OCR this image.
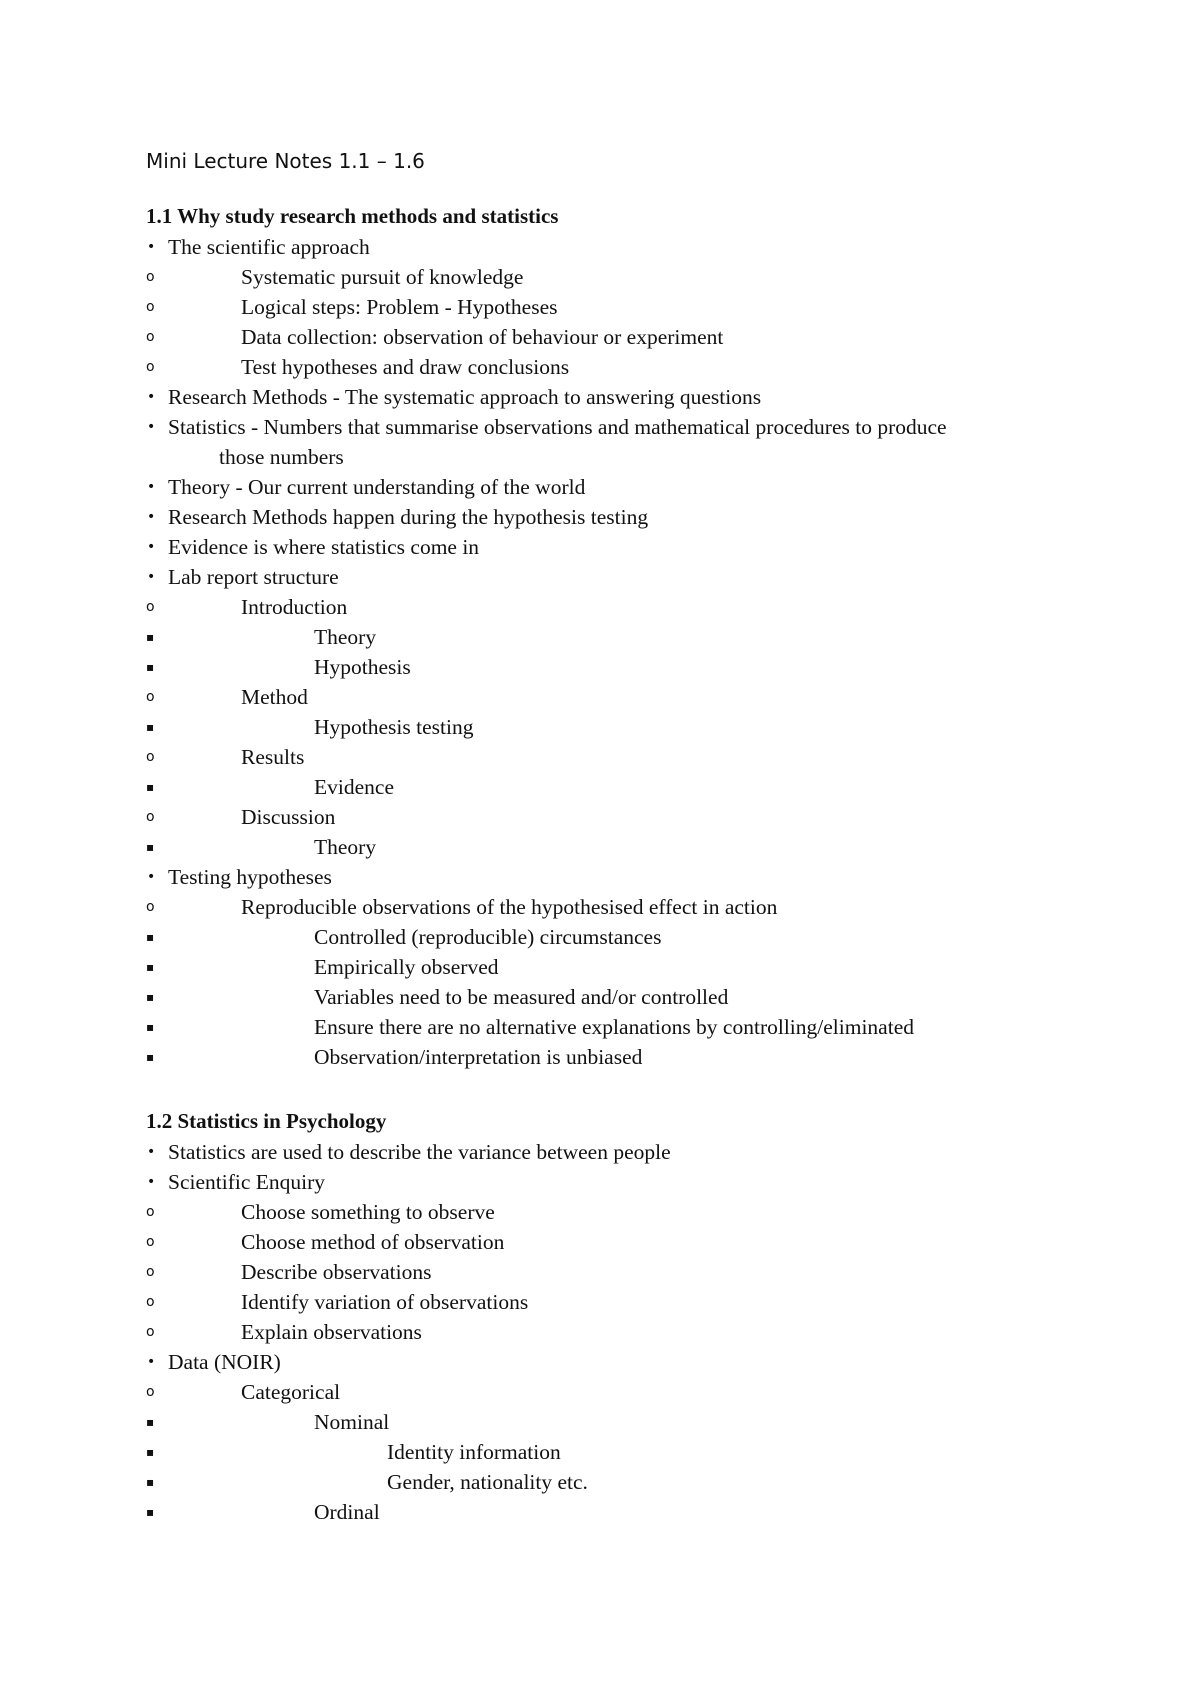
Mini Lecture Notes 1.1 – 1.6
1.1 Why study research methods and statistics
• The scientific approach
o	Systematic pursuit of knowledge
o	Logical steps: Problem - Hypotheses
o	Data collection: observation of behaviour or experiment
o	Test hypotheses and draw conclusions
• Research Methods - The systematic approach to answering questions
• Statistics - Numbers that summarise observations and mathematical procedures to produce
those numbers
• Theory - Our current understanding of the world
• Research Methods happen during the hypothesis testing
• Evidence is where statistics come in
• Lab report structure
o	Introduction
▪	Theory
▪	Hypothesis
o	Method
▪	Hypothesis testing
o	Results
▪	Evidence
o	Discussion
▪	Theory
• Testing hypotheses
o	Reproducible observations of the hypothesised effect in action
▪	Controlled (reproducible) circumstances
▪	Empirically observed
▪	Variables need to be measured and/or controlled
▪	Ensure there are no alternative explanations by controlling/eliminated
▪	Observation/interpretation is unbiased
1.2 Statistics in Psychology
• Statistics are used to describe the variance between people
• Scientific Enquiry
o	Choose something to observe
o	Choose method of observation
o	Describe observations
o	Identify variation of observations
o	Explain observations
• Data (NOIR)
o	Categorical
▪	Nominal
▪	Identity information
▪	Gender, nationality etc.
▪	Ordinal
